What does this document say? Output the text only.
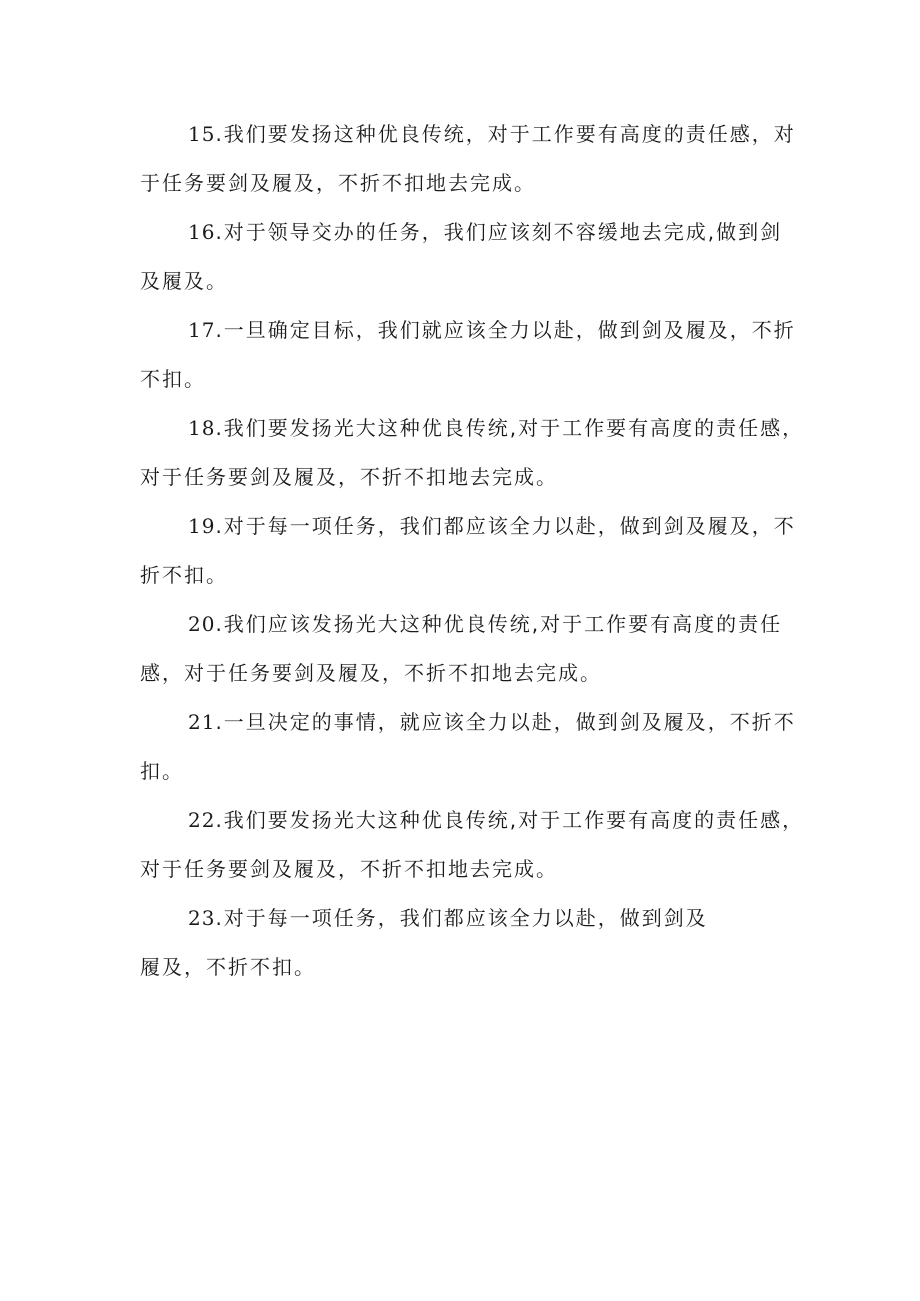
15.我们要发扬这种优良传统，对于工作要有高度的责任感，对
于任务要剑及履及，不折不扣地去完成。
16.对于领导交办的任务，我们应该刻不容缓地去完成,做到剑
及履及。
17.一旦确定目标，我们就应该全力以赴，做到剑及履及，不折
不扣。
18.我们要发扬光大这种优良传统,对于工作要有高度的责任感，
对于任务要剑及履及，不折不扣地去完成。
19.对于每一项任务，我们都应该全力以赴，做到剑及履及，不
折不扣。
20.我们应该发扬光大这种优良传统,对于工作要有高度的责任
感，对于任务要剑及履及，不折不扣地去完成。
21.一旦决定的事情，就应该全力以赴，做到剑及履及，不折不
扣。
22.我们要发扬光大这种优良传统,对于工作要有高度的责任感，
对于任务要剑及履及，不折不扣地去完成。
23.对于每一项任务，我们都应该全力以赴，做到剑及
履及，不折不扣。
